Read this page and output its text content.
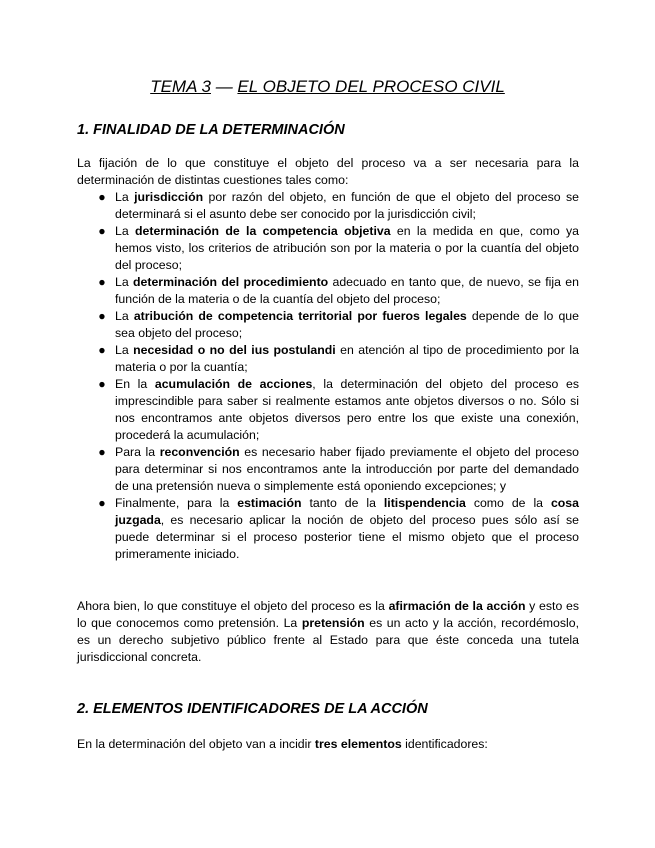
TEMA 3 — EL OBJETO DEL PROCESO CIVIL
1. FINALIDAD DE LA DETERMINACIÓN

La fijación de lo que constituye el objeto del proceso va a ser necesaria para la determinación de distintas cuestiones tales como:

● La jurisdicción por razón del objeto, en función de que el objeto del proceso se determinará si el asunto debe ser conocido por la jurisdicción civil;
● La determinación de la competencia objetiva en la medida en que, como ya hemos visto, los criterios de atribución son por la materia o por la cuantía del objeto del proceso;
● La determinación del procedimiento adecuado en tanto que, de nuevo, se fija en función de la materia o de la cuantía del objeto del proceso;
● La atribución de competencia territorial por fueros legales depende de lo que sea objeto del proceso;
● La necesidad o no del ius postulandi en atención al tipo de procedimiento por la materia o por la cuantía;
● En la acumulación de acciones, la determinación del objeto del proceso es imprescindible para saber si realmente estamos ante objetos diversos o no. Sólo si nos encontramos ante objetos diversos pero entre los que existe una conexión, procederá la acumulación;
● Para la reconvención es necesario haber fijado previamente el objeto del proceso para determinar si nos encontramos ante la introducción por parte del demandado de una pretensión nueva o simplemente está oponiendo excepciones; y
● Finalmente, para la estimación tanto de la litispendencia como de la cosa juzgada, es necesario aplicar la noción de objeto del proceso pues sólo así se puede determinar si el proceso posterior tiene el mismo objeto que el proceso primeramente iniciado.

Ahora bien, lo que constituye el objeto del proceso es la afirmación de la acción y esto es lo que conocemos como pretensión. La pretensión es un acto y la acción, recordémoslo, es un derecho subjetivo público frente al Estado para que éste conceda una tutela jurisdiccional concreta.

2. ELEMENTOS IDENTIFICADORES DE LA ACCIÓN

En la determinación del objeto van a incidir tres elementos identificadores:
